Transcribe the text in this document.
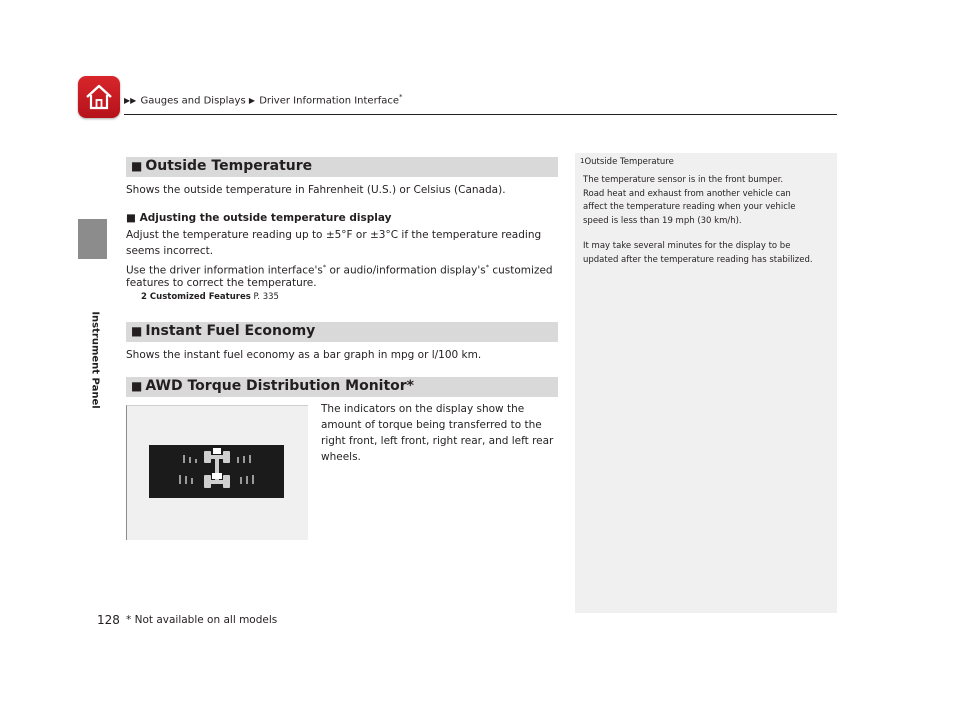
▶▶ Gauges and Displays ▶ Driver Information Interface*
Instrument Panel
■ Outside Temperature
Shows the outside temperature in Fahrenheit (U.S.) or Celsius (Canada).
■ Adjusting the outside temperature display
Adjust the temperature reading up to ±5°F or ±3°C if the temperature reading
seems incorrect.
Use the driver information interface's* or audio/information display's* customized
features to correct the temperature.
2 Customized Features P. 335
■ Instant Fuel Economy
Shows the instant fuel economy as a bar graph in mpg or l/100 km.
■ AWD Torque Distribution Monitor*
The indicators on the display show the
amount of torque being transferred to the
right front, left front, right rear, and left rear
wheels.
$^1$Outside Temperature
The temperature sensor is in the front bumper.
Road heat and exhaust from another vehicle can
affect the temperature reading when your vehicle
speed is less than 19 mph (30 km/h).
It may take several minutes for the display to be
updated after the temperature reading has stabilized.
128 * Not available on all models
